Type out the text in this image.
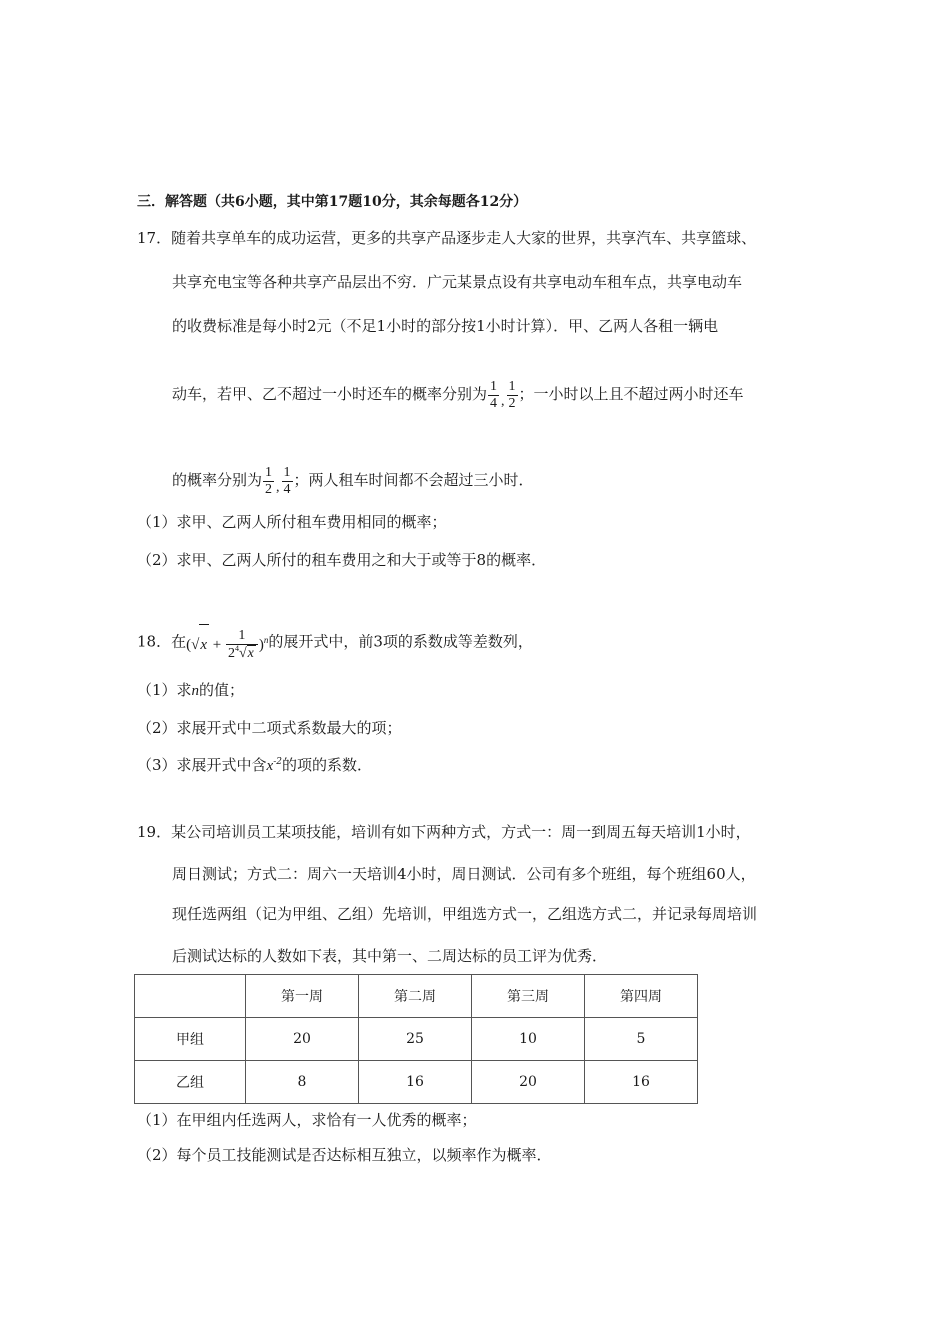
三．解答题（共6小题，其中第17题10分，其余每题各12分）
17．随着共享单车的成功运营，更多的共享产品逐步走人大家的世界，共享汽车、共享篮球、
共享充电宝等各种共享产品层出不穷．广元某景点设有共享电动车租车点，共享电动车
的收费标准是每小时2元（不足1小时的部分按1小时计算）．甲、乙两人各租一辆电
动车，若甲、乙不超过一小时还车的概率分别为 $\frac{1}{4}$ , $\frac{1}{2}$ ；一小时以上且不超过两小时还车
的概率分别为 $\frac{1}{2}$ , $\frac{1}{4}$ ；两人租车时间都不会超过三小时．
（1）求甲、乙两人所付租车费用相同的概率；
（2）求甲、乙两人所付的租车费用之和大于或等于8的概率．
18．在$(√x + \frac{1}{2^4√x} )^n$的展开式中，前3项的系数成等差数列，
（1）求n的值；
（2）求展开式中二项式系数最大的项；
（3）求展开式中含$x^{-2}$的项的系数．
19．某公司培训员工某项技能，培训有如下两种方式，方式一：周一到周五每天培训1小时，
周日测试；方式二：周六一天培训4小时，周日测试．公司有多个班组，每个班组60人，
现任选两组（记为甲组、乙组）先培训，甲组选方式一，乙组选方式二，并记录每周培训
后测试达标的人数如下表，其中第一、二周达标的员工评为优秀．
	第一周	第二周	第三周	第四周
甲组	20	25	10	5
乙组	8	16	20	16
（1）在甲组内任选两人，求恰有一人优秀的概率；
（2）每个员工技能测试是否达标相互独立，以频率作为概率．
